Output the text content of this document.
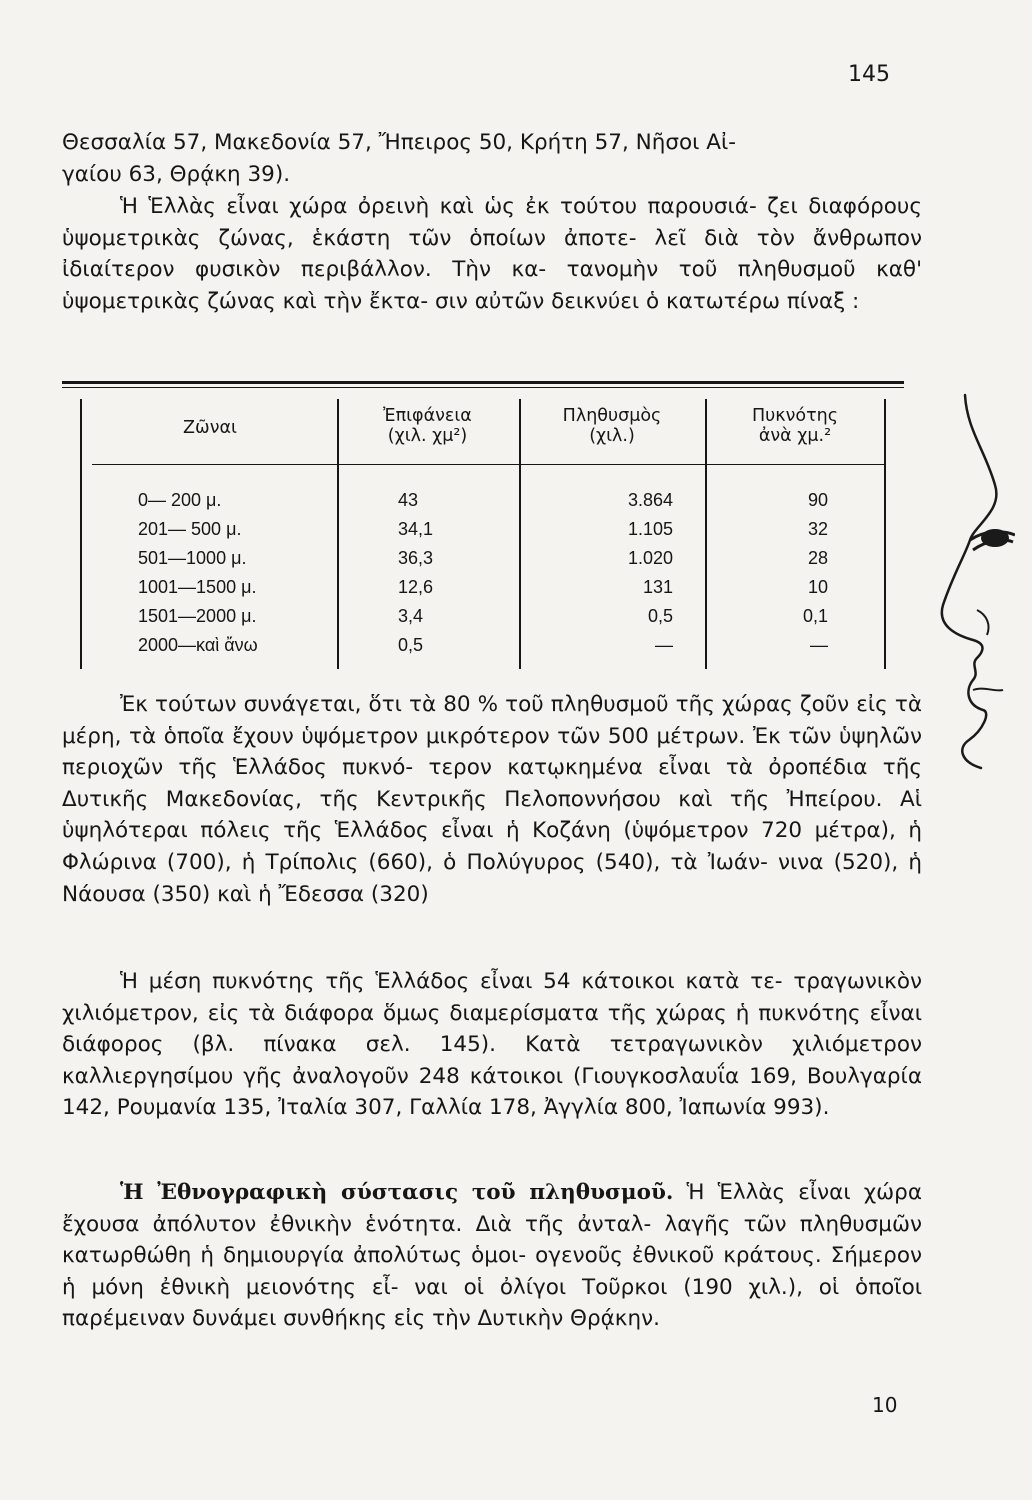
145

Θεσσαλία 57, Μακεδονία 57, Ἤπειρος 50, Κρήτη 57, Νῆσοι Αἰ-
γαίου 63, Θρᾴκη 39).

Ἡ Ἑλλὰς εἶναι χώρα ὀρεινὴ καὶ ὡς ἐκ τούτου παρουσιά- ζει διαφόρους ὑψομετρικὰς ζώνας, ἑκάστη τῶν ὁποίων ἀποτε- λεῖ διὰ τὸν ἄνθρωπον ἰδιαίτερον φυσικὸν περιβάλλον. Τὴν κα- τανομὴν τοῦ πληθυσμοῦ καθ' ὑψομετρικὰς ζώνας καὶ τὴν ἔκτα- σιν αὐτῶν δεικνύει ὁ κατωτέρω πίναξ :

Ζῶναι
Ἐπιφάνεια
(χιλ. χμ²)
Πληθυσμὸς
(χιλ.)
Πυκνότης
ἀνὰ χμ.²
0— 200 μ.
201— 500 μ.
501—1000 μ.
1001—1500 μ.
1501—2000 μ.
2000—καὶ ἄνω
43
34,1
36,3
12,6
3,4
0,5
3.864
1.105
1.020
131
0,5
—
90
32
28
10
0,1
—

Ἐκ τούτων συνάγεται, ὅτι τὰ 80 % τοῦ πληθυσμοῦ τῆς χώρας ζοῦν εἰς τὰ μέρη, τὰ ὁποῖα ἔχουν ὑψόμετρον μικρότερον τῶν 500 μέτρων. Ἐκ τῶν ὑψηλῶν περιοχῶν τῆς Ἑλλάδος πυκνό- τερον κατῳκημένα εἶναι τὰ ὀροπέδια τῆς Δυτικῆς Μακεδονίας, τῆς Κεντρικῆς Πελοποννήσου καὶ τῆς Ἠπείρου. Αἱ ὑψηλότεραι πόλεις τῆς Ἑλλάδος εἶναι ἡ Κοζάνη (ὑψόμετρον 720 μέτρα), ἡ Φλώρινα (700), ἡ Τρίπολις (660), ὁ Πολύγυρος (540), τὰ Ἰωάν- νινα (520), ἡ Νάουσα (350) καὶ ἡ Ἔδεσσα (320)

Ἡ μέση πυκνότης τῆς Ἑλλάδος εἶναι 54 κάτοικοι κατὰ τε- τραγωνικὸν χιλιόμετρον, εἰς τὰ διάφορα ὅμως διαμερίσματα τῆς χώρας ἡ πυκνότης εἶναι διάφορος (βλ. πίνακα σελ. 145). Κατὰ τετραγωνικὸν χιλιόμετρον καλλιεργησίμου γῆς ἀναλογοῦν 248 κάτοικοι (Γιουγκοσλαυΐα 169, Βουλγαρία 142, Ρουμανία 135, Ἰταλία 307, Γαλλία 178, Ἀγγλία 800, Ἰαπωνία 993).

Ἡ Ἐθνογραφικὴ σύστασις τοῦ πληθυσμοῦ. Ἡ Ἑλλὰς εἶναι χώρα ἔχουσα ἀπόλυτον ἐθνικὴν ἑνότητα. Διὰ τῆς ἀνταλ- λαγῆς τῶν πληθυσμῶν κατωρθώθη ἡ δημιουργία ἀπολύτως ὁμοι- ογενοῦς ἐθνικοῦ κράτους. Σήμερον ἡ μόνη ἐθνικὴ μειονότης εἶ- ναι οἱ ὀλίγοι Τοῦρκοι (190 χιλ.), οἱ ὁποῖοι παρέμειναν δυνάμει συνθήκης εἰς τὴν Δυτικὴν Θρᾴκην.

10
